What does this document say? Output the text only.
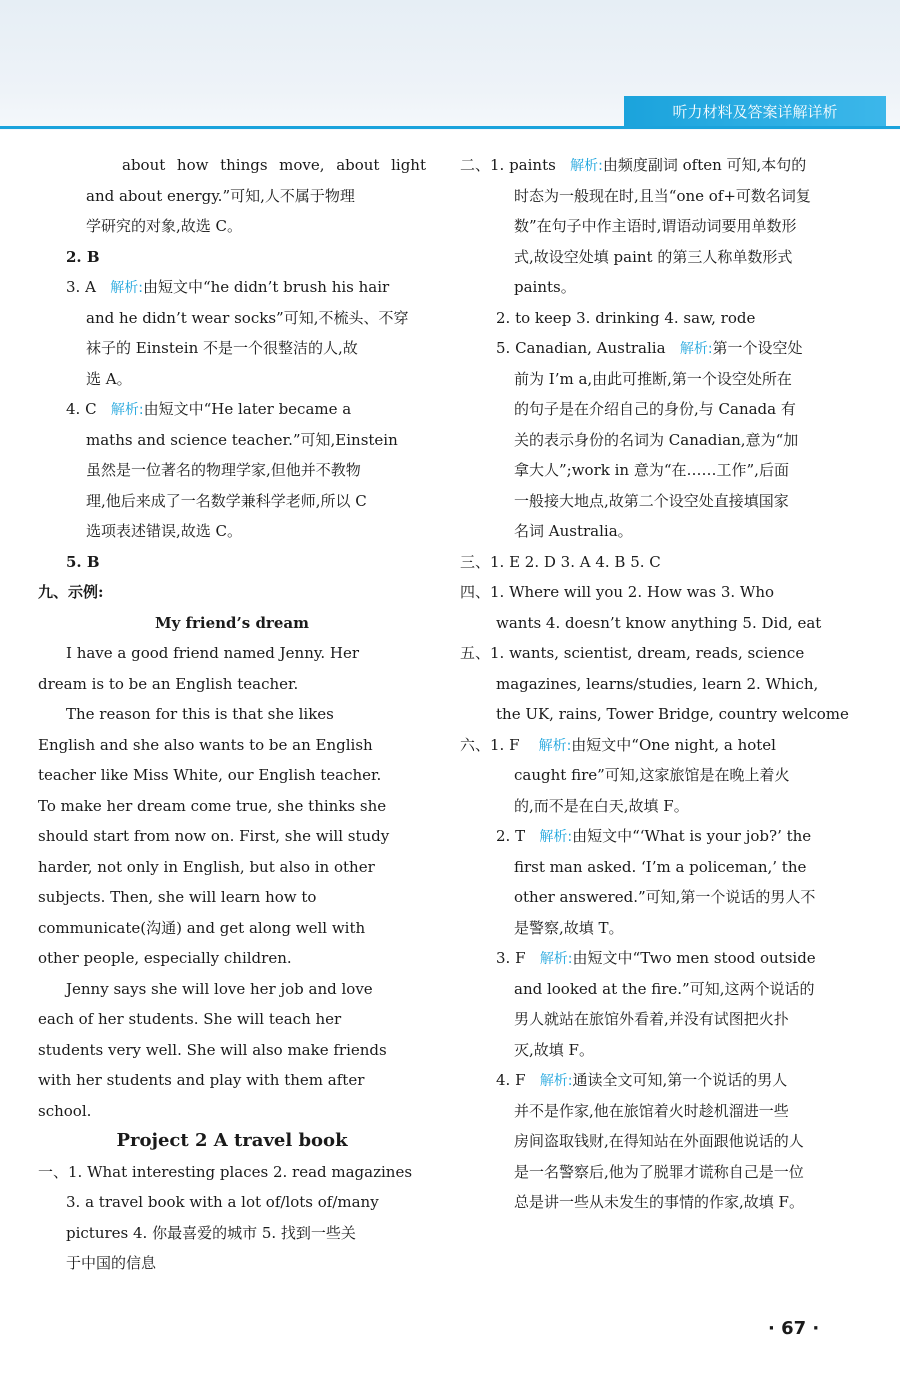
听力材料及答案详解详析
about how things move, about light
and about energy.”可知,人不属于物理
学研究的对象,故选 C。
2. B
3. A 解析:由短文中“he didn’t brush his hair
and he didn’t wear socks”可知,不梳头、不穿
袜子的 Einstein 不是一个很整洁的人,故
选 A。
4. C 解析:由短文中“He later became a
maths and science teacher.”可知,Einstein
虽然是一位著名的物理学家,但他并不教物
理,他后来成了一名数学兼科学老师,所以 C
选项表述错误,故选 C。
5. B
九、示例:
My friend’s dream
I have a good friend named Jenny. Her
dream is to be an English teacher.
The reason for this is that she likes
English and she also wants to be an English
teacher like Miss White, our English teacher.
To make her dream come true, she thinks she
should start from now on. First, she will study
harder, not only in English, but also in other
subjects. Then, she will learn how to
communicate(沟通) and get along well with
other people, especially children.
Jenny says she will love her job and love
each of her students. She will teach her
students very well. She will also make friends
with her students and play with them after
school.
Project 2 A travel book
一、1. What interesting places 2. read magazines
3. a travel book with a lot of/lots of/many
pictures 4. 你最喜爱的城市 5. 找到一些关
于中国的信息
二、1. paints 解析:由频度副词 often 可知,本句的
时态为一般现在时,且当“one of+可数名词复
数”在句子中作主语时,谓语动词要用单数形
式,故设空处填 paint 的第三人称单数形式
paints。
2. to keep 3. drinking 4. saw, rode
5. Canadian, Australia 解析:第一个设空处
前为 I’m a,由此可推断,第一个设空处所在
的句子是在介绍自己的身份,与 Canada 有
关的表示身份的名词为 Canadian,意为“加
拿大人”;work in 意为“在……工作”,后面
一般接大地点,故第二个设空处直接填国家
名词 Australia。
三、1. E 2. D 3. A 4. B 5. C
四、1. Where will you 2. How was 3. Who
wants 4. doesn’t know anything 5. Did, eat
五、1. wants, scientist, dream, reads, science
magazines, learns/studies, learn 2. Which,
the UK, rains, Tower Bridge, country welcome
六、1. F 解析:由短文中“One night, a hotel
caught fire”可知,这家旅馆是在晚上着火
的,而不是在白天,故填 F。
2. T 解析:由短文中“‘What is your job?’ the
first man asked. ‘I’m a policeman,’ the
other answered.”可知,第一个说话的男人不
是警察,故填 T。
3. F 解析:由短文中“Two men stood outside
and looked at the fire.”可知,这两个说话的
男人就站在旅馆外看着,并没有试图把火扑
灭,故填 F。
4. F 解析:通读全文可知,第一个说话的男人
并不是作家,他在旅馆着火时趁机溜进一些
房间盗取钱财,在得知站在外面跟他说话的人
是一名警察后,他为了脱罪才谎称自己是一位
总是讲一些从未发生的事情的作家,故填 F。
· 67 ·
